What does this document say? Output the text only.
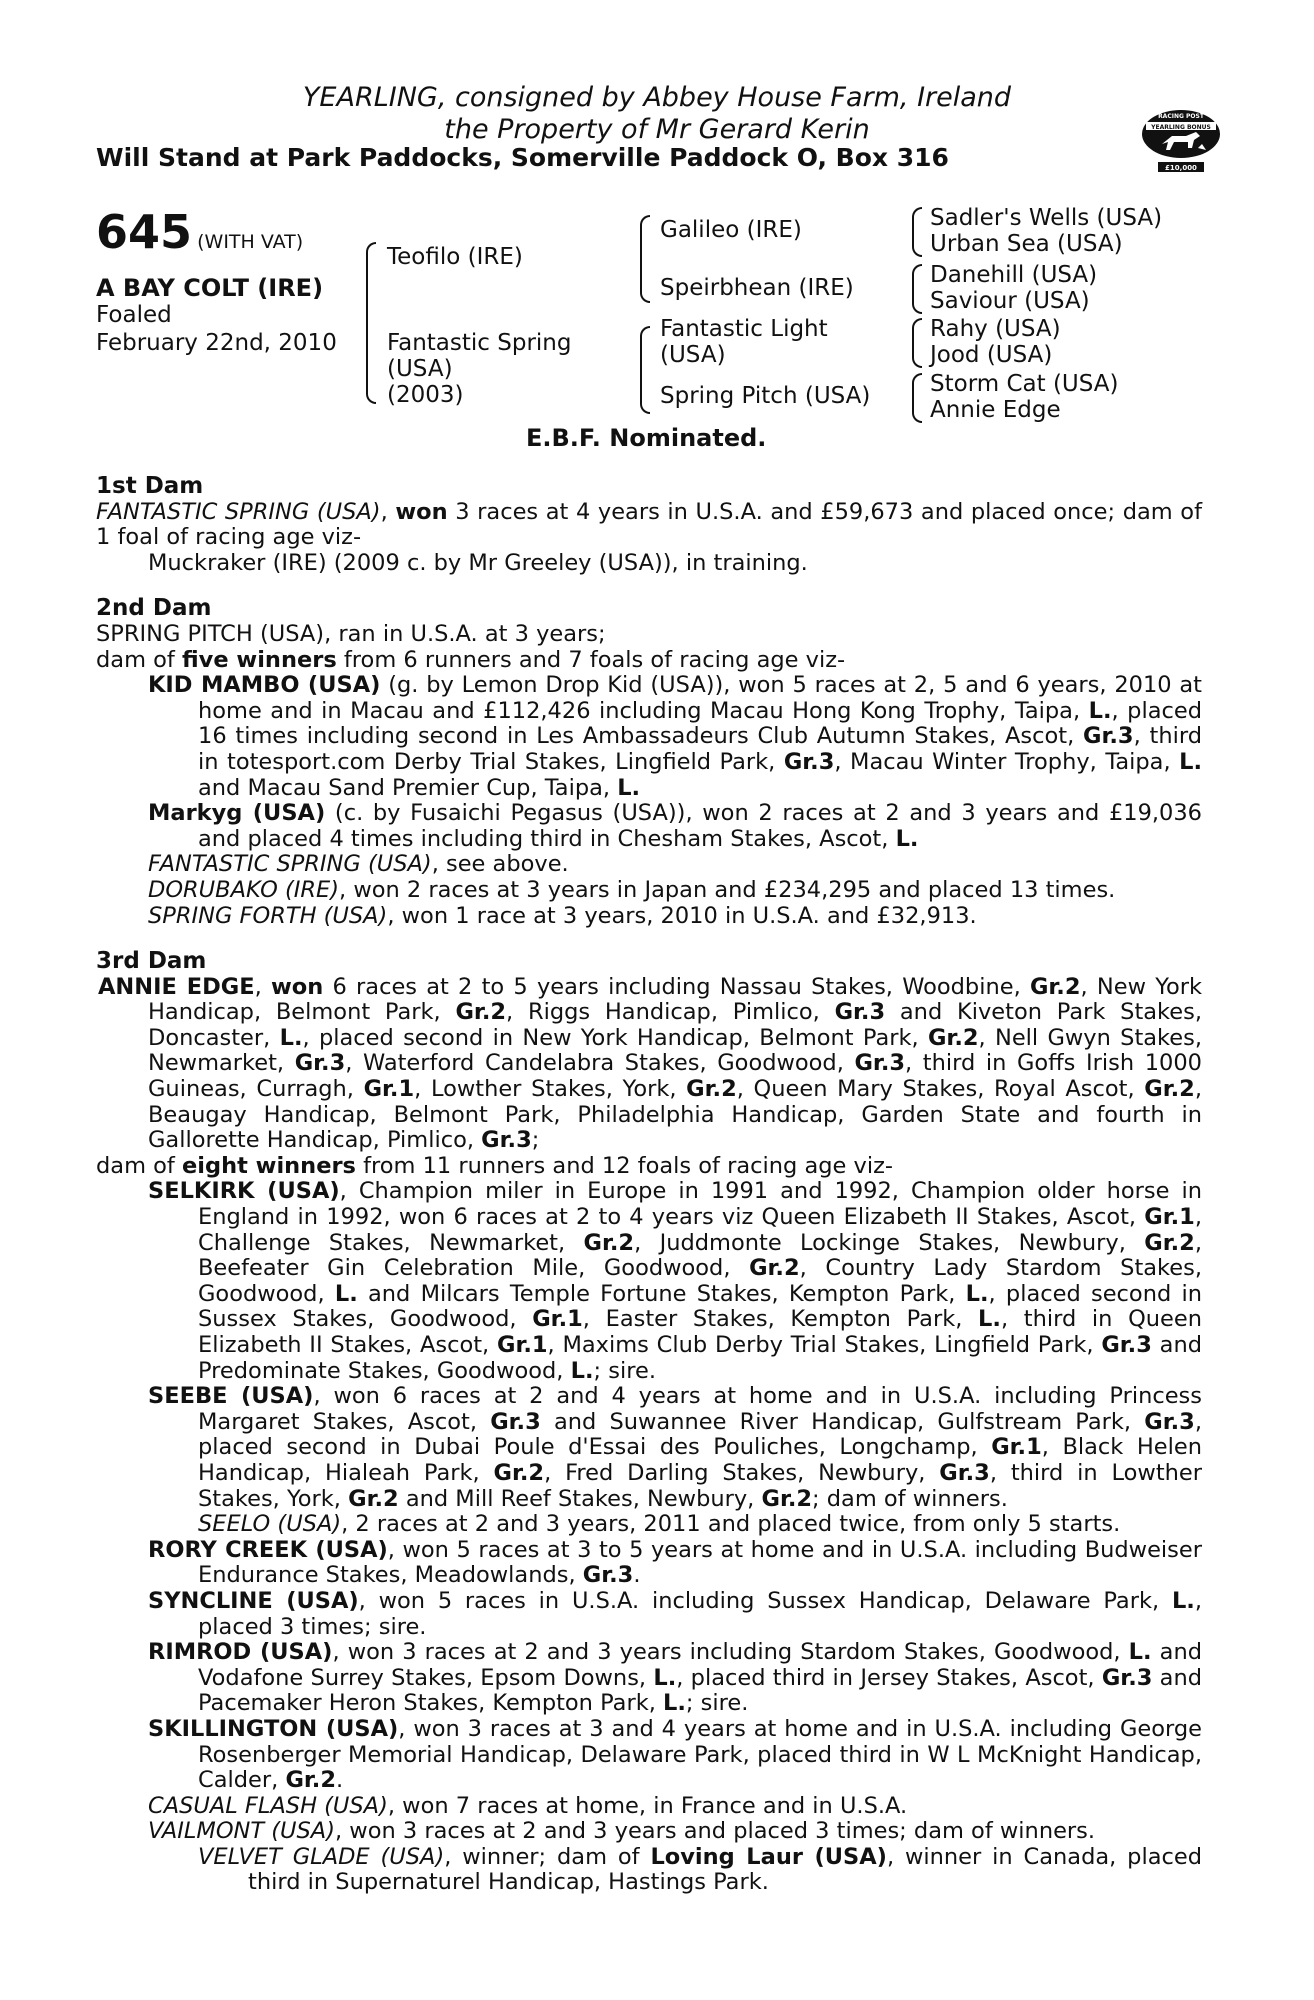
YEARLING, consigned by Abbey House Farm, Ireland
the Property of Mr Gerard Kerin
Will Stand at Park Paddocks, Somerville Paddock O, Box 316
RACING POST
YEARLING BONUS
£10,000
645 (WITH VAT)
A BAY COLT (IRE)
Foaled
February 22nd, 2010
Teofilo (IRE)
Fantastic Spring
(USA)
(2003)
Galileo (IRE)
Speirbhean (IRE)
Fantastic Light
(USA)
Spring Pitch (USA)
Sadler's Wells (USA)
Urban Sea (USA)
Danehill (USA)
Saviour (USA)
Rahy (USA)
Jood (USA)
Storm Cat (USA)
Annie Edge
E.B.F. Nominated.

1st Dam

FANTASTIC SPRING (USA), won 3 races at 4 years in U.S.A. and £59,673 and placed once; dam of 1 foal of racing age viz-

Muckraker (IRE) (2009 c. by Mr Greeley (USA)), in training.

2nd Dam

SPRING PITCH (USA), ran in U.S.A. at 3 years;

dam of five winners from 6 runners and 7 foals of racing age viz-

KID MAMBO (USA) (g. by Lemon Drop Kid (USA)), won 5 races at 2, 5 and 6 years, 2010 at home and in Macau and £112,426 including Macau Hong Kong Trophy, Taipa, L., placed 16 times including second in Les Ambassadeurs Club Autumn Stakes, Ascot, Gr.3, third in totesport.com Derby Trial Stakes, Lingfield Park, Gr.3, Macau Winter Trophy, Taipa, L. and Macau Sand Premier Cup, Taipa, L.

Markyg (USA) (c. by Fusaichi Pegasus (USA)), won 2 races at 2 and 3 years and £19,036 and placed 4 times including third in Chesham Stakes, Ascot, L.

FANTASTIC SPRING (USA), see above.

DORUBAKO (IRE), won 2 races at 3 years in Japan and £234,295 and placed 13 times.

SPRING FORTH (USA), won 1 race at 3 years, 2010 in U.S.A. and £32,913.

3rd Dam

ANNIE EDGE, won 6 races at 2 to 5 years including Nassau Stakes, Woodbine, Gr.2, New York Handicap, Belmont Park, Gr.2, Riggs Handicap, Pimlico, Gr.3 and Kiveton Park Stakes, Doncaster, L., placed second in New York Handicap, Belmont Park, Gr.2, Nell Gwyn Stakes, Newmarket, Gr.3, Waterford Candelabra Stakes, Goodwood, Gr.3, third in Goffs Irish 1000 Guineas, Curragh, Gr.1, Lowther Stakes, York, Gr.2, Queen Mary Stakes, Royal Ascot, Gr.2, Beaugay Handicap, Belmont Park, Philadelphia Handicap, Garden State and fourth in Gallorette Handicap, Pimlico, Gr.3;

dam of eight winners from 11 runners and 12 foals of racing age viz-

SELKIRK (USA), Champion miler in Europe in 1991 and 1992, Champion older horse in England in 1992, won 6 races at 2 to 4 years viz Queen Elizabeth II Stakes, Ascot, Gr.1, Challenge Stakes, Newmarket, Gr.2, Juddmonte Lockinge Stakes, Newbury, Gr.2, Beefeater Gin Celebration Mile, Goodwood, Gr.2, Country Lady Stardom Stakes, Goodwood, L. and Milcars Temple Fortune Stakes, Kempton Park, L., placed second in Sussex Stakes, Goodwood, Gr.1, Easter Stakes, Kempton Park, L., third in Queen Elizabeth II Stakes, Ascot, Gr.1, Maxims Club Derby Trial Stakes, Lingfield Park, Gr.3 and Predominate Stakes, Goodwood, L.; sire.

SEEBE (USA), won 6 races at 2 and 4 years at home and in U.S.A. including Princess Margaret Stakes, Ascot, Gr.3 and Suwannee River Handicap, Gulfstream Park, Gr.3, placed second in Dubai Poule d'Essai des Pouliches, Longchamp, Gr.1, Black Helen Handicap, Hialeah Park, Gr.2, Fred Darling Stakes, Newbury, Gr.3, third in Lowther Stakes, York, Gr.2 and Mill Reef Stakes, Newbury, Gr.2; dam of winners.

SEELO (USA), 2 races at 2 and 3 years, 2011 and placed twice, from only 5 starts.

RORY CREEK (USA), won 5 races at 3 to 5 years at home and in U.S.A. including Budweiser Endurance Stakes, Meadowlands, Gr.3.

SYNCLINE (USA), won 5 races in U.S.A. including Sussex Handicap, Delaware Park, L., placed 3 times; sire.

RIMROD (USA), won 3 races at 2 and 3 years including Stardom Stakes, Goodwood, L. and Vodafone Surrey Stakes, Epsom Downs, L., placed third in Jersey Stakes, Ascot, Gr.3 and Pacemaker Heron Stakes, Kempton Park, L.; sire.

SKILLINGTON (USA), won 3 races at 3 and 4 years at home and in U.S.A. including George Rosenberger Memorial Handicap, Delaware Park, placed third in W L McKnight Handicap, Calder, Gr.2.

CASUAL FLASH (USA), won 7 races at home, in France and in U.S.A.

VAILMONT (USA), won 3 races at 2 and 3 years and placed 3 times; dam of winners.

VELVET GLADE (USA), winner; dam of Loving Laur (USA), winner in Canada, placed third in Supernaturel Handicap, Hastings Park.
